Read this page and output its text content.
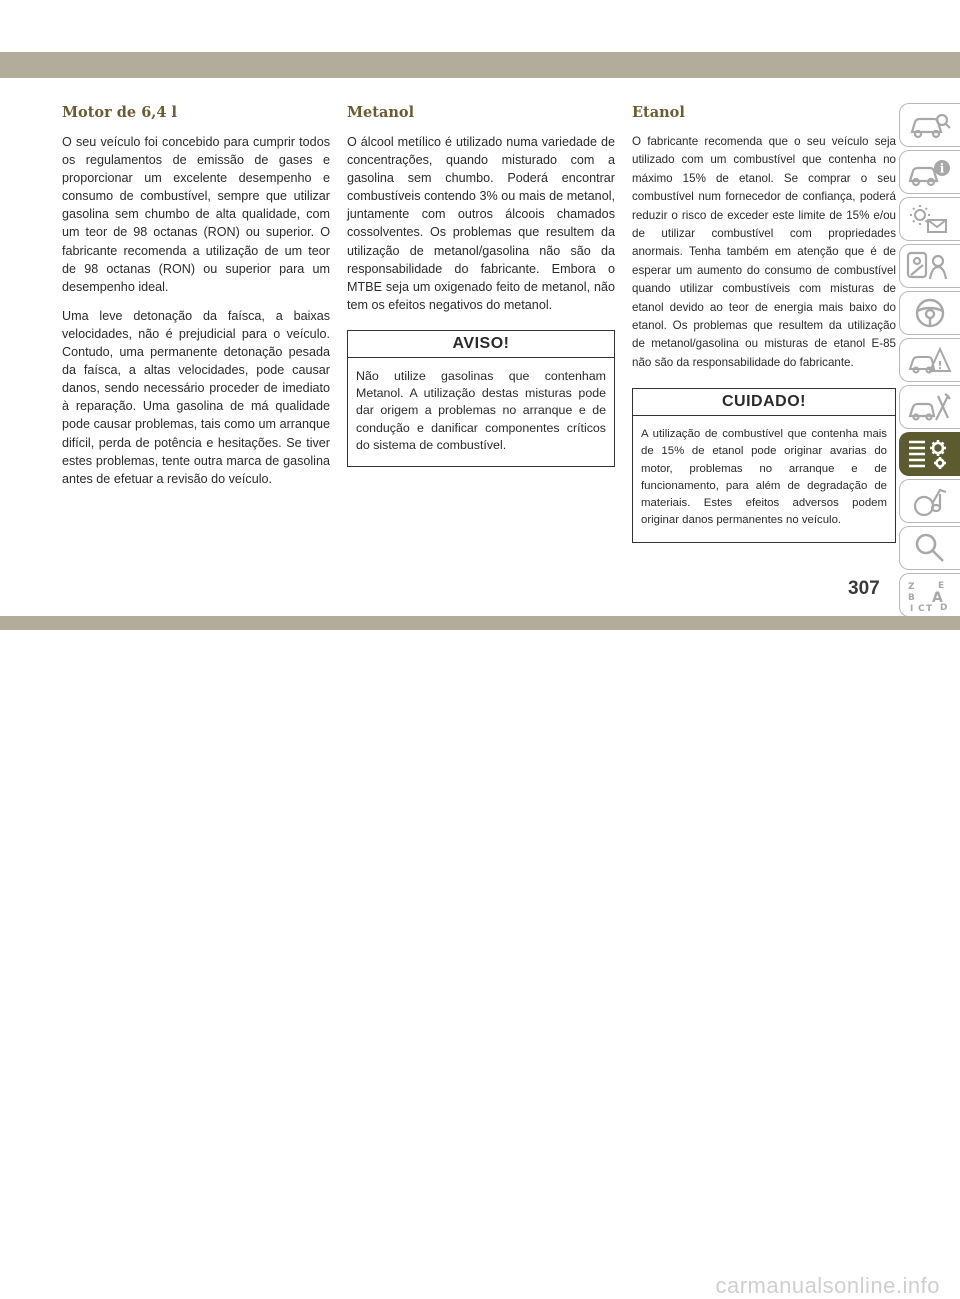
Motor de 6,4 l

O seu veículo foi concebido para cumprir todos os regulamentos de emissão de gases e proporcionar um excelente desempenho e consumo de combustível, sempre que utilizar gasolina sem chumbo de alta qualidade, com um teor de 98 octanas (RON) ou superior. O fabricante recomenda a utilização de um teor de 98 octanas (RON) ou superior para um desempenho ideal.

Uma leve detonação da faísca, a baixas velocidades, não é prejudicial para o veículo. Contudo, uma permanente detonação pesada da faísca, a altas velocidades, pode causar danos, sendo necessário proceder de imediato à reparação. Uma gasolina de má qualidade pode causar problemas, tais como um arranque difícil, perda de potência e hesitações. Se tiver estes problemas, tente outra marca de gasolina antes de efetuar a revisão do veículo.

Metanol

O álcool metílico é utilizado numa variedade de concentrações, quando misturado com a gasolina sem chumbo. Poderá encontrar combustíveis contendo 3% ou mais de metanol, juntamente com outros álcoois chamados cossolventes. Os problemas que resultem da utilização de metanol/gasolina não são da responsabilidade do fabricante. Embora o MTBE seja um oxigenado feito de metanol, não tem os efeitos negativos do metanol.

AVISO!
Não utilize gasolinas que contenham Metanol. A utilização destas misturas pode dar origem a problemas no arranque e de condução e danificar componentes críticos do sistema de combustível.
Etanol

O fabricante recomenda que o seu veículo seja utilizado com um combustível que contenha no máximo 15% de etanol. Se comprar o seu combustível num fornecedor de confiança, poderá reduzir o risco de exceder este limite de 15% e/ou de utilizar combustível com propriedades anormais. Tenha também em atenção que é de esperar um aumento do consumo de combustível quando utilizar combustíveis com misturas de etanol devido ao teor de energia mais baixo do etanol. Os problemas que resultem da utilização de metanol/gasolina ou misturas de etanol E-85 não são da responsabilidade do fabricante.

CUIDADO!
A utilização de combustível que contenha mais de 15% de etanol pode originar avarias do motor, problemas no arranque e de funcionamento, para além de degradação de materiais. Estes efeitos adversos podem originar danos permanentes no veículo.
i
!
Z	E
B A
I C T D
307
carmanualsonline.info
